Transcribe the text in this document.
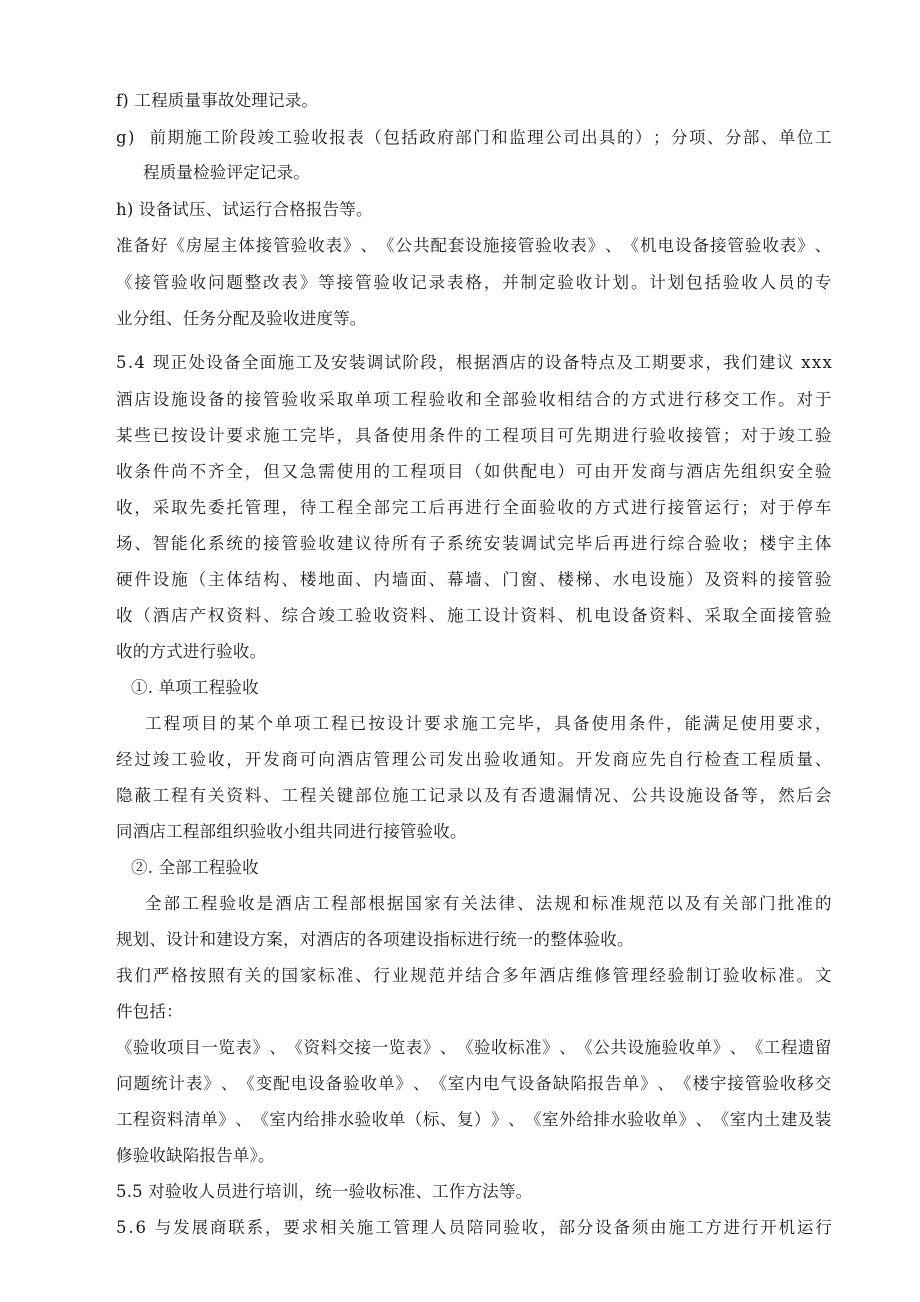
f) 工程质量事故处理记录。
g )

前 期 施 工 阶 段 竣 工 验 收 报 表 （ 包 括 政 府 部 门 和 监 理 公 司 出 具 的 ） ； 分 项 、 分 部 、 单 位 工
程质量检验评定记录。
h) 设备试压、试运行合格报告等。
准 备 好 《 房 屋 主 体 接 管 验 收 表 》 、 《 公 共 配 套 设 施 接 管 验 收 表 》 、 《 机 电 设 备 接 管 验 收 表 》 、
《 接 管 验 收 问 题 整 改 表 》 等 接 管 验 收 记 录 表 格 ， 并 制 定 验 收 计 划 。 计 划 包 括 验 收 人 员 的 专
业分组、任务分配及验收进度等。
5 . 4
现 正 处 设 备 全 面 施 工 及 安 装 调 试 阶 段 ， 根 据 酒 店 的 设 备 特 点 及 工 期 要 求 ， 我 们 建 议
x x x
酒 店 设 施 设 备 的 接 管 验 收 采 取 单 项 工 程 验 收 和 全 部 验 收 相 结 合 的 方 式 进 行 移 交 工 作 。 对 于
某 些 已 按 设 计 要 求 施 工 完 毕 ， 具 备 使 用 条 件 的 工 程 项 目 可 先 期 进 行 验 收 接 管 ； 对 于 竣 工 验
收 条 件 尚 不 齐 全 ， 但 又 急 需 使 用 的 工 程 项 目 （ 如 供 配 电 ） 可 由 开 发 商 与 酒 店 先 组 织 安 全 验
收 ， 采 取 先 委 托 管 理 ， 待 工 程 全 部 完 工 后 再 进 行 全 面 验 收 的 方 式 进 行 接 管 运 行 ； 对 于 停 车
场 、 智 能 化 系 统 的 接 管 验 收 建 议 待 所 有 子 系 统 安 装 调 试 完 毕 后 再 进 行 综 合 验 收 ； 楼 宇 主 体
硬 件 设 施 （ 主 体 结 构 、 楼 地 面 、 内 墙 面 、 幕 墙 、 门 窗 、 楼 梯 、 水 电 设 施 ） 及 资 料 的 接 管 验
收 （ 酒 店 产 权 资 料 、 综 合 竣 工 验 收 资 料 、 施 工 设 计 资 料 、 机 电 设 备 资 料 、 采 取 全 面 接 管 验
收的方式进行验收。
①. 单项工程验收
工 程 项 目 的 某 个 单 项 工 程 已 按 设 计 要 求 施 工 完 毕 ， 具 备 使 用 条 件 ， 能 满 足 使 用 要 求 ，
经 过 竣 工 验 收 ， 开 发 商 可 向 酒 店 管 理 公 司 发 出 验 收 通 知 。 开 发 商 应 先 自 行 检 查 工 程 质 量 、
隐 蔽 工 程 有 关 资 料 、 工 程 关 键 部 位 施 工 记 录 以 及 有 否 遗 漏 情 况 、 公 共 设 施 设 备 等 ， 然 后 会
同酒店工程部组织验收小组共同进行接管验收。
②. 全部工程验收
全 部 工 程 验 收 是 酒 店 工 程 部 根 据 国 家 有 关 法 律 、 法 规 和 标 准 规 范 以 及 有 关 部 门 批 准 的
规划、设计和建设方案，对酒店的各项建设指标进行统一的整体验收。
我 们 严 格 按 照 有 关 的 国 家 标 准 、 行 业 规 范 并 结 合 多 年 酒 店 维 修 管 理 经 验 制 订 验 收 标 准 。 文
件包括：
《 验 收 项 目 一 览 表 》 、 《 资 料 交 接 一 览 表 》 、 《 验 收 标 准 》 、 《 公 共 设 施 验 收 单 》 、 《 工 程 遗 留
问 题 统 计 表 》 、 《 变 配 电 设 备 验 收 单 》 、 《 室 内 电 气 设 备 缺 陷 报 告 单 》 、 《 楼 宇 接 管 验 收 移 交
工 程 资 料 清 单 》 、 《 室 内 给 排 水 验 收 单 （ 标 、 复 ） 》 、 《 室 外 给 排 水 验 收 单 》 、 《 室 内 土 建 及 装
修验收缺陷报告单》。
5.5 对验收人员进行培训，统一验收标准、工作方法等。
5 . 6
与 发 展 商 联 系 ， 要 求 相 关 施 工 管 理 人 员 陪 同 验 收 ， 部 分 设 备 须 由 施 工 方 进 行 开 机 运 行
